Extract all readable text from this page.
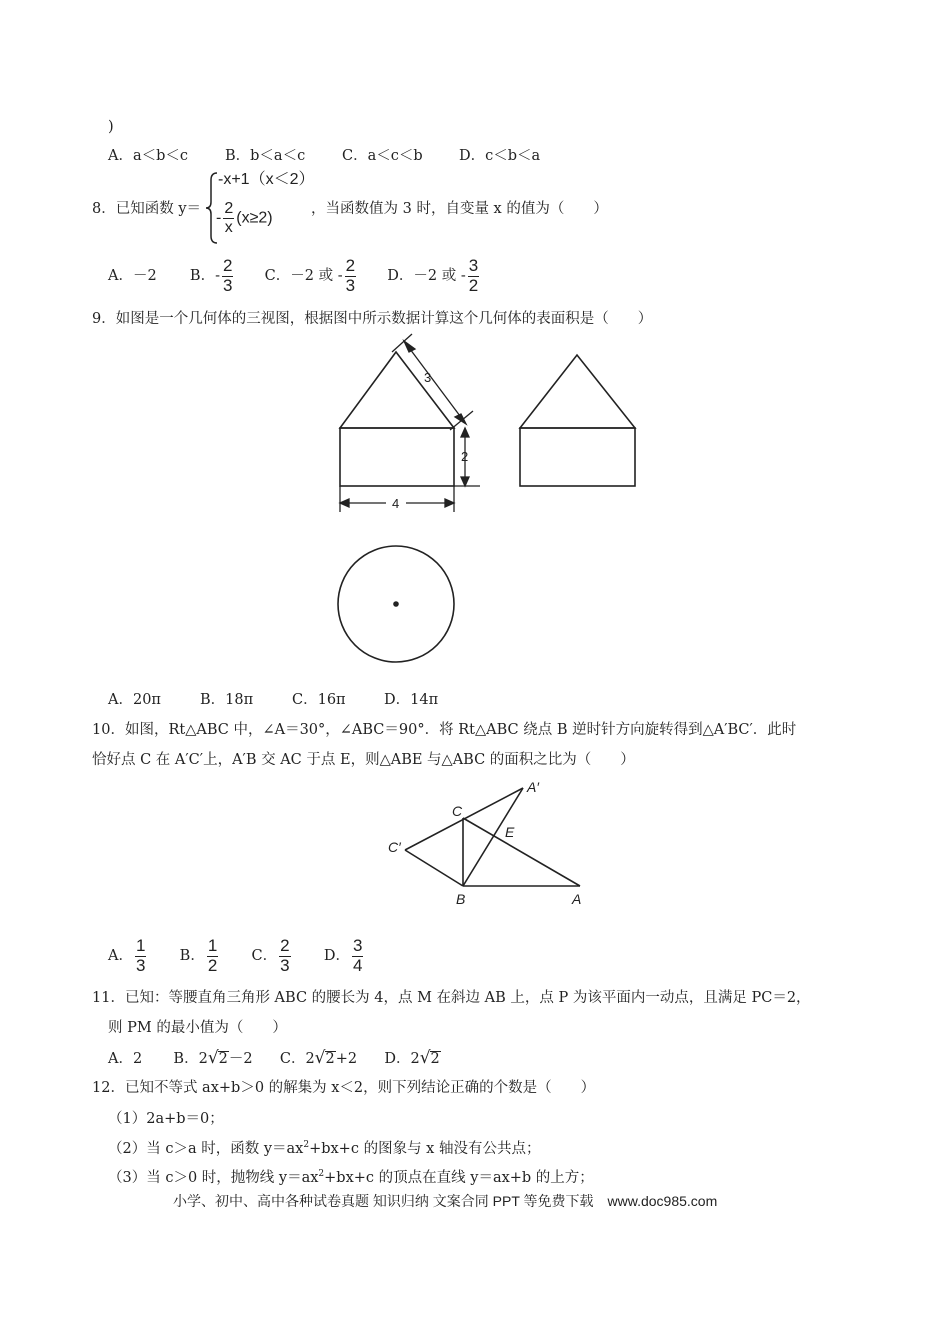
)
A．a＜b＜c	B．b＜a＜c	C．a＜c＜b	D．c＜b＜a
8．已知函数 y＝
-x+1（x＜2）
- $\frac{2}{x} (x\ge 2)$
，当函数值为 3 时，自变量 x 的值为（　　）
A．－2 B．- $\frac{2}{3}$ C．－2 或 - $\frac{2}{3}$ D．－2 或 - $\frac{3}{2}$
9．如图是一个几何体的三视图，根据图中所示数据计算这个几何体的表面积是（　　）
3
2
4
A．20π	B．18π	C．16π	D．14π
10．如图，Rt△ABC 中，∠A＝30°，∠ABC＝90°．将 Rt△ABC 绕点 B 逆时针方向旋转得到△A′BC′．此时
恰好点 C 在 A′C′上，A′B 交 AC 于点 E，则△ABE 与△ABC 的面积之比为（　　）
A′
C
C′
E
B	A
A． $\frac{1}{3}$ B． $\frac{1}{2}$ C． $\frac{2}{3}$ D． $\frac{3}{4}$
11．已知：等腰直角三角形 ABC 的腰长为 4，点 M 在斜边 AB 上，点 P 为该平面内一动点，且满足 PC＝2，
则 PM 的最小值为（　　）
A．2 B．2√2－2 C．2√2+2 D．2√2
12．已知不等式 ax+b＞0 的解集为 x＜2，则下列结论正确的个数是（　　）
（1）2a+b＝0；
（2）当 c＞a 时，函数 $y=ax^2+bx+c$ 的图象与 x 轴没有公共点；
（3）当 c＞0 时，抛物线 $y=ax^2+bx+c$ 的顶点在直线 y＝ax+b 的上方；
小学、初中、高中各种试卷真题 知识归纳 文案合同 PPT 等免费下载　www.doc985.com
